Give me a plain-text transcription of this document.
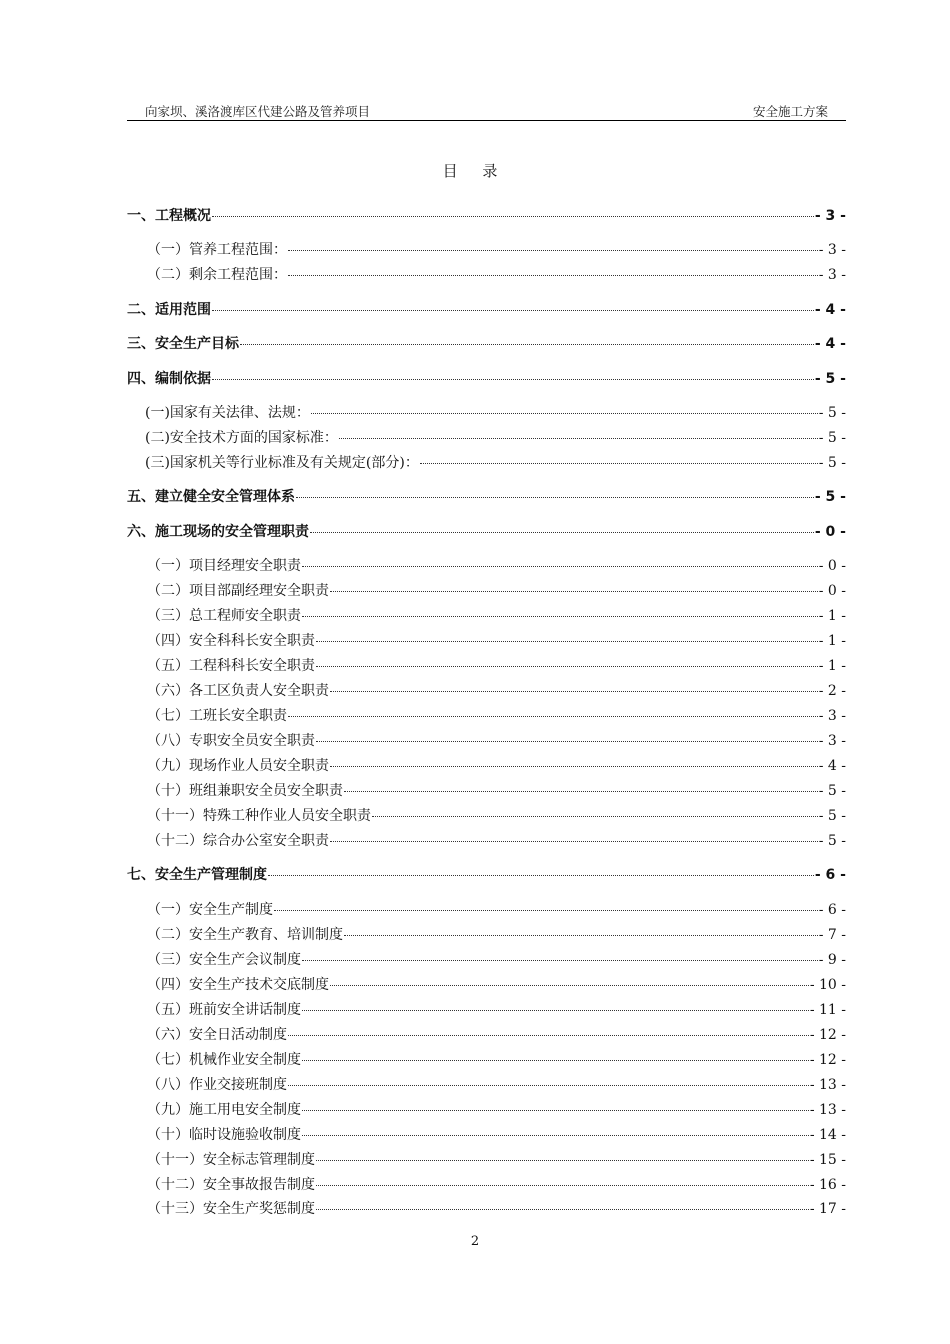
向家坝、溪洛渡库区代建公路及管养项目	安全施工方案
目 录
一、工程概况	- 3 -
（一）管养工程范围：	- 3 -
（二）剩余工程范围：	- 3 -
二、适用范围	- 4 -
三、安全生产目标	- 4 -
四、编制依据	- 5 -
(一)国家有关法律、法规：	- 5 -
(二)安全技术方面的国家标准：	- 5 -
(三)国家机关等行业标准及有关规定(部分)：	- 5 -
五、建立健全安全管理体系	- 5 -
六、施工现场的安全管理职责	- 0 -
（一）项目经理安全职责	- 0 -
（二）项目部副经理安全职责	- 0 -
（三）总工程师安全职责	- 1 -
（四）安全科科长安全职责	- 1 -
（五）工程科科长安全职责	- 1 -
（六）各工区负责人安全职责	- 2 -
（七）工班长安全职责	- 3 -
（八）专职安全员安全职责	- 3 -
（九）现场作业人员安全职责	- 4 -
（十）班组兼职安全员安全职责	- 5 -
（十一）特殊工种作业人员安全职责	- 5 -
（十二）综合办公室安全职责	- 5 -
七、安全生产管理制度	- 6 -
（一）安全生产制度	- 6 -
（二）安全生产教育、培训制度	- 7 -
（三）安全生产会议制度	- 9 -
（四）安全生产技术交底制度	- 10 -
（五）班前安全讲话制度	- 11 -
（六）安全日活动制度	- 12 -
（七）机械作业安全制度	- 12 -
（八）作业交接班制度	- 13 -
（九）施工用电安全制度	- 13 -
（十）临时设施验收制度	- 14 -
（十一）安全标志管理制度	- 15 -
（十二）安全事故报告制度	- 16 -
（十三）安全生产奖惩制度	- 17 -
2
